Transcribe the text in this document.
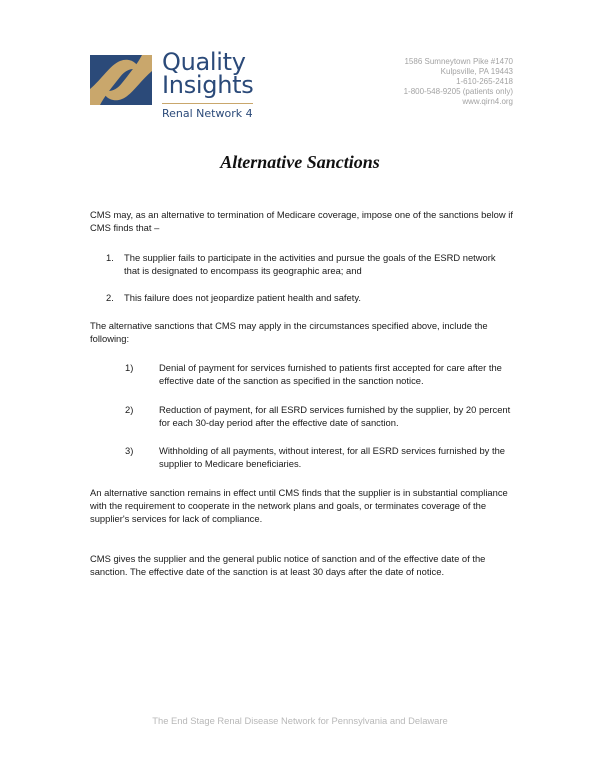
Quality
Insights
Renal Network 4
1586 Sumneytown Pike #1470
Kulpsville, PA 19443
1-610-265-2418
1-800-548-9205 (patients only)
www.qirn4.org
Alternative Sanctions
CMS may, as an alternative to termination of Medicare coverage, impose one of the sanctions below if CMS finds that –
1. The supplier fails to participate in the activities and pursue the goals of the ESRD network that is designated to encompass its geographic area; and
2. This failure does not jeopardize patient health and safety.
The alternative sanctions that CMS may apply in the circumstances specified above, include the following:
1)	Denial of payment for services furnished to patients first accepted for care after the effective date of the sanction as specified in the sanction notice.
2)	Reduction of payment, for all ESRD services furnished by the supplier, by 20 percent for each 30-day period after the effective date of sanction.
3)	Withholding of all payments, without interest, for all ESRD services furnished by the supplier to Medicare beneficiaries.
An alternative sanction remains in effect until CMS finds that the supplier is in substantial compliance with the requirement to cooperate in the network plans and goals, or terminates coverage of the supplier's services for lack of compliance.
CMS gives the supplier and the general public notice of sanction and of the effective date of the sanction. The effective date of the sanction is at least 30 days after the date of notice.
The End Stage Renal Disease Network for Pennsylvania and Delaware
